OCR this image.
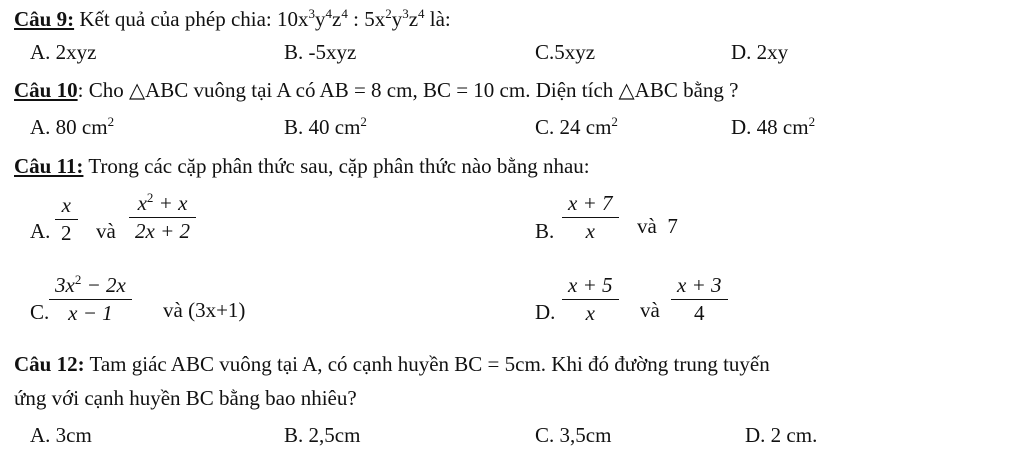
Câu 9: Kết quả của phép chia: $10x^3y^4z^4$ : $5x^2y^3z^4$ là:
A. 2xyz	B. -5xyz	C.5xyz	D. 2xy
Câu 10: Cho △ABC vuông tại A có AB = 8 cm, BC = 10 cm. Diện tích △ABC bằng ?
A. 80 $cm^2$	B. 40 $cm^2$	C. 24 $cm^2$	D. 48 $cm^2$
Câu 11: Trong các cặp phân thức sau, cặp phân thức nào bằng nhau:
A. $\frac{x}{2}$ và $\frac{x^2 + x}{2x + 2}$	B. $\frac{x + 7}{x}$ và 7
C. $\frac{3x^2 - 2x}{x - 1}$ và (3x+1)	D. $\frac{x + 5}{x}$ và $\frac{x + 3}{4}$
Câu 12: Tam giác ABC vuông tại A, có cạnh huyền BC = 5cm. Khi đó đường trung tuyến
ứng với cạnh huyền BC bằng bao nhiêu?
A. 3cm	B. 2,5cm	C. 3,5cm	D. 2 cm.
